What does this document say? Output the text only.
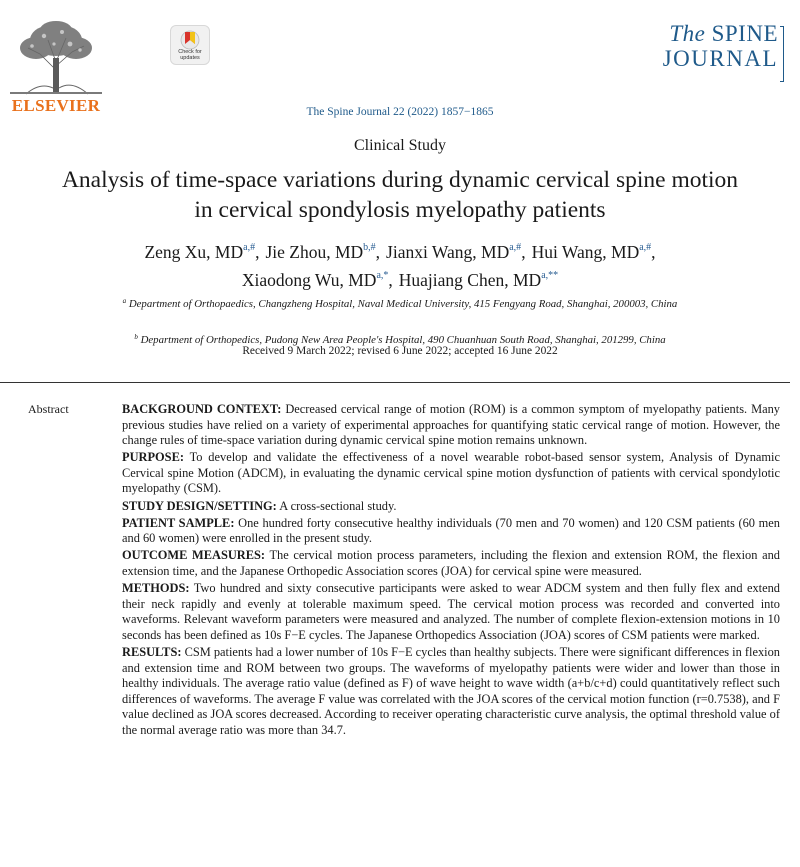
ELSEVIER
Check for updates
The SPINE
JOURNAL
The Spine Journal 22 (2022) 1857−1865
Clinical Study
Analysis of time-space variations during dynamic cervical spine motion in cervical spondylosis myelopathy patients
Zeng Xu, $MD^{a,\#}$, Jie Zhou, $MD^{b,\#}$, Jianxi Wang, $MD^{a,\#}$, Hui Wang, $MD^{a,\#}$,
Xiaodong Wu, $MD^{a,*}$, Huajiang Chen, $MD^{a,**}$
$^a$ Department of Orthopaedics, Changzheng Hospital, Naval Medical University, 415 Fengyang Road, Shanghai, 200003, China
$^b$ Department of Orthopedics, Pudong New Area People's Hospital, 490 Chuanhuan South Road, Shanghai, 201299, China
Received 9 March 2022; revised 6 June 2022; accepted 16 June 2022
Abstract	BACKGROUND CONTEXT: Decreased cervical range of motion (ROM) is a common symptom of myelopathy patients. Many previous studies have relied on a variety of experimental approaches for quantifying static cervical range of motion. However, the change rules of time-space variation during dynamic cervical spine motion remains unknown.

PURPOSE: To develop and validate the effectiveness of a novel wearable robot-based sensor system, Analysis of Dynamic Cervical spine Motion (ADCM), in evaluating the dynamic cervical spine motion dysfunction of patients with cervical spondylotic myelopathy (CSM).

STUDY DESIGN/SETTING: A cross-sectional study.

PATIENT SAMPLE: One hundred forty consecutive healthy individuals (70 men and 70 women) and 120 CSM patients (60 men and 60 women) were enrolled in the present study.

OUTCOME MEASURES: The cervical motion process parameters, including the flexion and extension ROM, the flexion and extension time, and the Japanese Orthopedic Association scores (JOA) for cervical spine were measured.

METHODS: Two hundred and sixty consecutive participants were asked to wear ADCM system and then fully flex and extend their neck rapidly and evenly at tolerable maximum speed. The cervical motion process was recorded and converted into waveforms. Relevant waveform parameters were measured and analyzed. The number of complete flexion-extension motions in 10 seconds has been defined as 10s F−E cycles. The Japanese Orthopedics Association (JOA) scores of CSM patients were marked.

RESULTS: CSM patients had a lower number of 10s F−E cycles than healthy subjects. There were significant differences in flexion and extension time and ROM between two groups. The waveforms of myelopathy patients were wider and lower than those in healthy individuals. The average ratio value (defined as F) of wave height to wave width (a+b/c+d) could quantitatively reflect such differences of waveforms. The average F value was correlated with the JOA scores of the cervical motion function (r=0.7538), and F value declined as JOA scores decreased. According to receiver operating characteristic curve analysis, the optimal threshold value of the normal average ratio was more than 34.7.
